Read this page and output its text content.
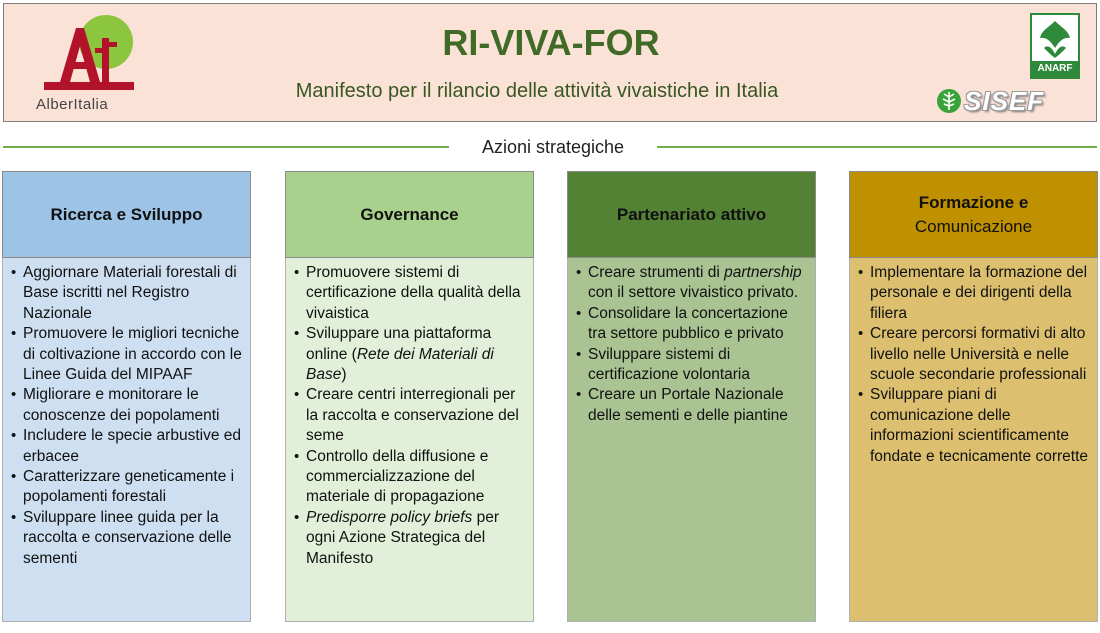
AlberItalia
RI-VIVA-FOR
Manifesto per il rilancio delle attività vivaistiche in Italia
ANARF
SISEF
Azioni strategiche
Ricerca e Sviluppo
• Aggiornare Materiali forestali di Base iscritti nel Registro Nazionale
• Promuovere le migliori tecniche di coltivazione in accordo con le Linee Guida del MIPAAF
• Migliorare e monitorare le conoscenze dei popolamenti
• Includere le specie arbustive ed erbacee
• Caratterizzare geneticamente i popolamenti forestali
• Sviluppare linee guida per la raccolta e conservazione delle sementi
Governance
• Promuovere sistemi di certificazione della qualità della vivaistica
• Sviluppare una piattaforma online (Rete dei Materiali di Base)
• Creare centri interregionali per la raccolta e conservazione del seme
• Controllo della diffusione e commercializzazione del materiale di propagazione
• Predisporre policy briefs per ogni Azione Strategica del Manifesto
Partenariato attivo
• Creare strumenti di partnership con il settore vivaistico privato.
• Consolidare la concertazione tra settore pubblico e privato
• Sviluppare sistemi di certificazione volontaria
• Creare un Portale Nazionale delle sementi e delle piantine
Formazione e
Comunicazione
• Implementare la formazione del personale e dei dirigenti della filiera
• Creare percorsi formativi di alto livello nelle Università e nelle scuole secondarie professionali
• Sviluppare piani di comunicazione delle informazioni scientificamente fondate e tecnicamente corrette
